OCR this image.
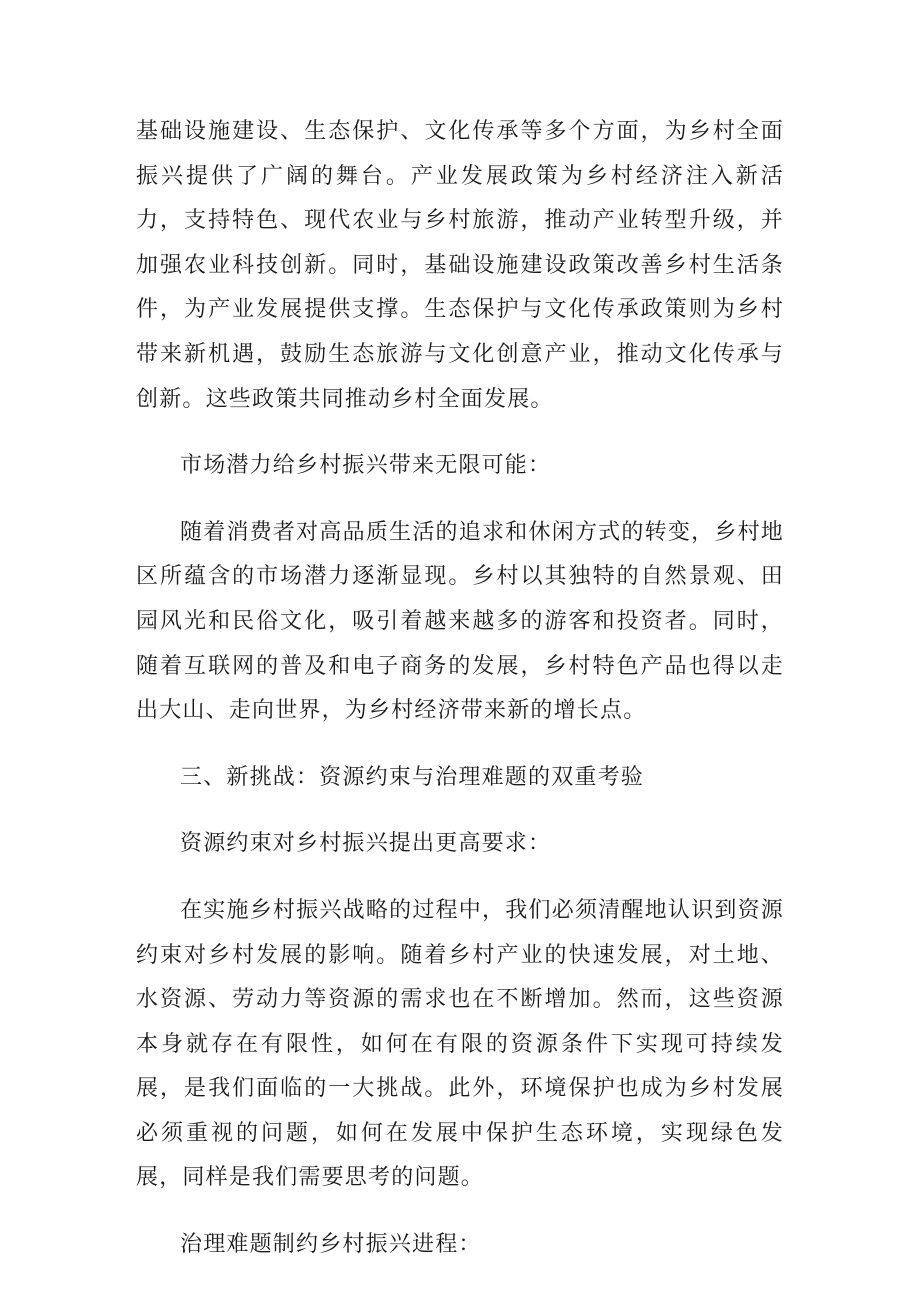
基础设施建设、生态保护、文化传承等多个方面，为乡村全面振兴提供了广阔的舞台。产业发展政策为乡村经济注入新活力，支持特色、现代农业与乡村旅游，推动产业转型升级，并加强农业科技创新。同时，基础设施建设政策改善乡村生活条件，为产业发展提供支撑。生态保护与文化传承政策则为乡村带来新机遇，鼓励生态旅游与文化创意产业，推动文化传承与创新。这些政策共同推动乡村全面发展。

市场潜力给乡村振兴带来无限可能：

随着消费者对高品质生活的追求和休闲方式的转变，乡村地区所蕴含的市场潜力逐渐显现。乡村以其独特的自然景观、田园风光和民俗文化，吸引着越来越多的游客和投资者。同时，随着互联网的普及和电子商务的发展，乡村特色产品也得以走出大山、走向世界，为乡村经济带来新的增长点。

三、新挑战：资源约束与治理难题的双重考验

资源约束对乡村振兴提出更高要求：

在实施乡村振兴战略的过程中，我们必须清醒地认识到资源约束对乡村发展的影响。随着乡村产业的快速发展，对土地、水资源、劳动力等资源的需求也在不断增加。然而，这些资源本身就存在有限性，如何在有限的资源条件下实现可持续发展，是我们面临的一大挑战。此外，环境保护也成为乡村发展必须重视的问题，如何在发展中保护生态环境，实现绿色发展，同样是我们需要思考的问题。

治理难题制约乡村振兴进程：
